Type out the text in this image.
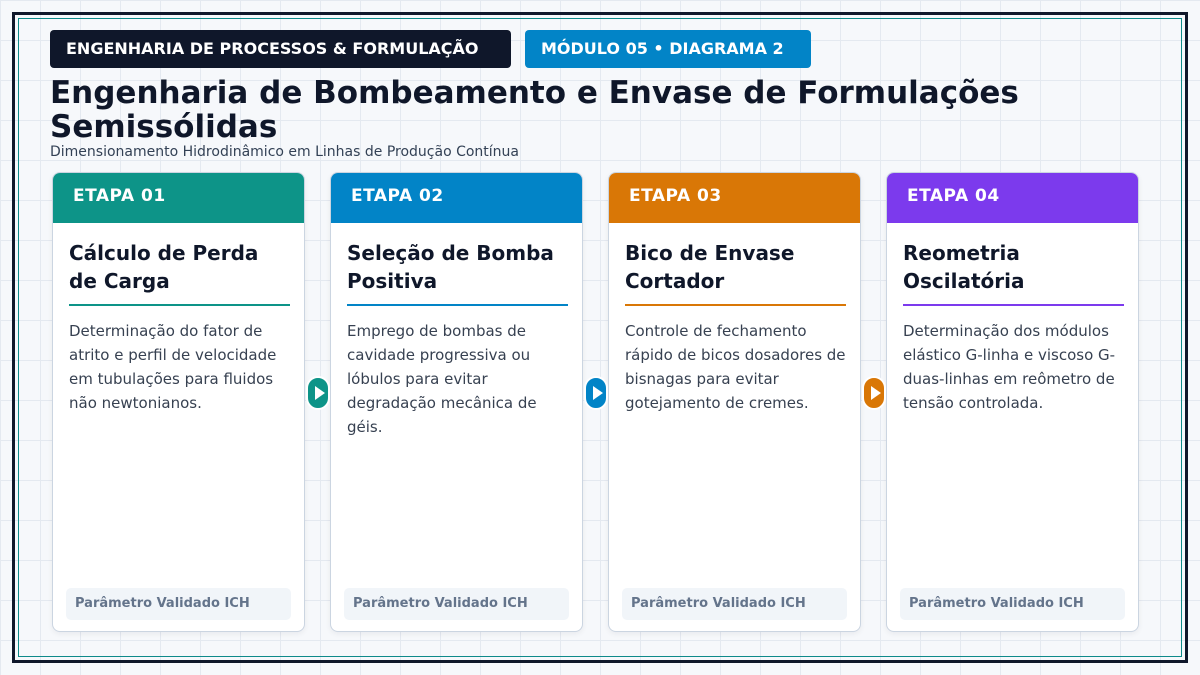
ENGENHARIA DE PROCESSOS & FORMULAÇÃO	MÓDULO 05 • DIAGRAMA 2
Engenharia de Bombeamento e Envase de Formulações Semissólidas
Dimensionamento Hidrodinâmico em Linhas de Produção Contínua
ETAPA 01
Cálculo de Perda de Carga
Determinação do fator de atrito e perfil de velocidade em tubulações para fluidos não newtonianos.
Parâmetro Validado ICH
ETAPA 02
Seleção de Bomba Positiva
Emprego de bombas de cavidade progressiva ou lóbulos para evitar degradação mecânica de géis.
Parâmetro Validado ICH
ETAPA 03
Bico de Envase Cortador
Controle de fechamento rápido de bicos dosadores de bisnagas para evitar gotejamento de cremes.
Parâmetro Validado ICH
ETAPA 04
Reometria Oscilatória
Determinação dos módulos elástico G-linha e viscoso G-duas-linhas em reômetro de tensão controlada.
Parâmetro Validado ICH
